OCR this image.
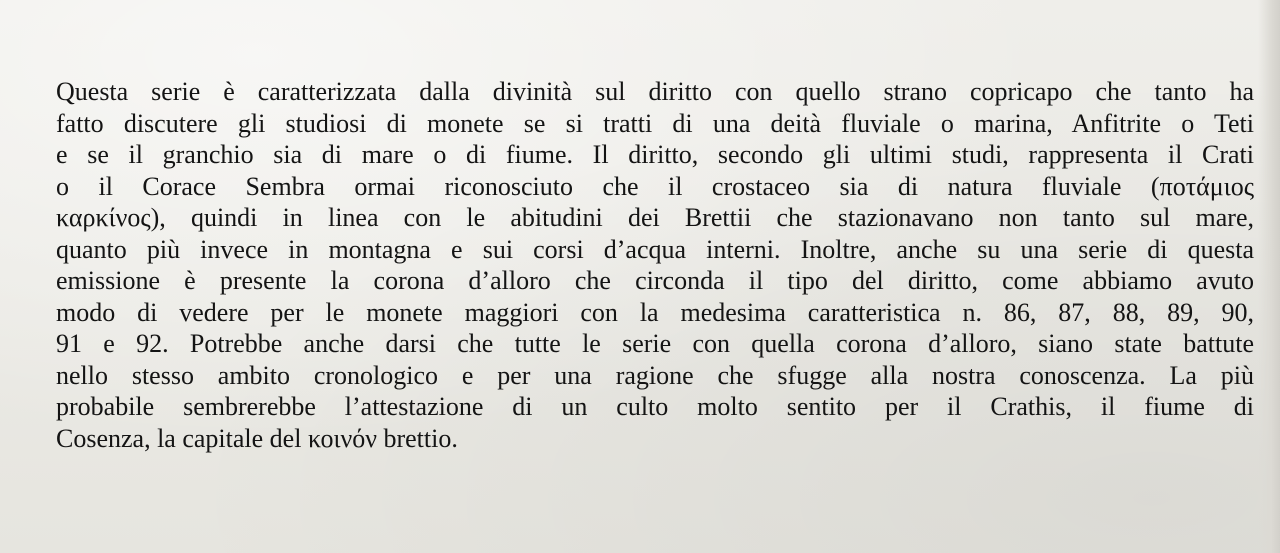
Questa serie è caratterizzata dalla divinità sul diritto con quello strano copricapo che tanto ha
fatto discutere gli studiosi di monete se si tratti di una deità fluviale o marina, Anfitrite o Teti
e se il granchio sia di mare o di fiume. Il diritto, secondo gli ultimi studi, rappresenta il Crati
o il Corace Sembra ormai riconosciuto che il crostaceo sia di natura fluviale (ποτάμιος
καρκίνος), quindi in linea con le abitudini dei Brettii che stazionavano non tanto sul mare,
quanto più invece in montagna e sui corsi d’acqua interni. Inoltre, anche su una serie di questa
emissione è presente la corona d’alloro che circonda il tipo del diritto, come abbiamo avuto
modo di vedere per le monete maggiori con la medesima caratteristica n. 86, 87, 88, 89, 90,
91 e 92. Potrebbe anche darsi che tutte le serie con quella corona d’alloro, siano state battute
nello stesso ambito cronologico e per una ragione che sfugge alla nostra conoscenza. La più
probabile sembrerebbe l’attestazione di un culto molto sentito per il Crathis, il fiume di
Cosenza, la capitale del κοινόν brettio.
